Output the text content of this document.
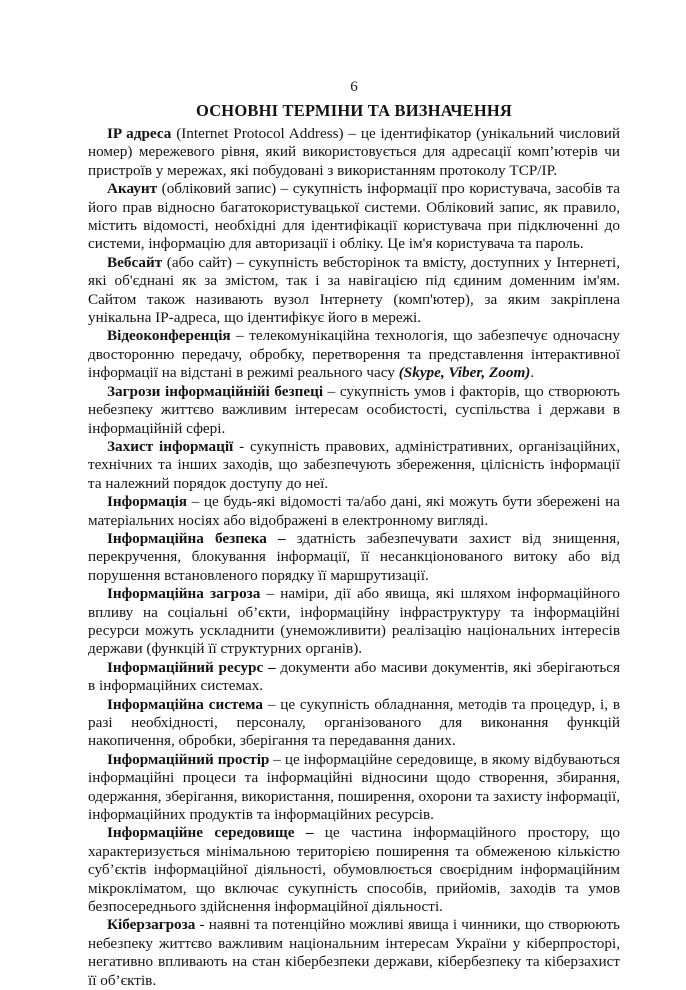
6

ОСНОВНІ ТЕРМІНИ ТА ВИЗНАЧЕННЯ

IP адреса (Internet Protocol Address) – це ідентифікатор (унікальний числовий номер) мережевого рівня, який використовується для адресації комп’ютерів чи пристроїв у мережах, які побудовані з використанням протоколу TCP/IP.

Акаунт (обліковий запис) – сукупність інформації про користувача, засобів та його прав відносно багатокористувацької системи. Обліковий запис, як правило, містить відомості, необхідні для ідентифікації користувача при підключенні до системи, інформацію для авторизації і обліку. Це ім'я користувача та пароль.

Вебсайт (або сайт) – сукупність вебсторінок та вмісту, доступних у Інтернеті, які об'єднані як за змістом, так і за навігацією під єдиним доменним ім'ям. Сайтом також називають вузол Інтернету (комп'ютер), за яким закріплена унікальна IP-адреса, що ідентифікує його в мережі.

Відеоконференція – телекомунікаційна технологія, що забезпечує одночасну двосторонню передачу, обробку, перетворення та представлення інтерактивної інформації на відстані в режимі реального часу (Skype, Viber, Zoom).

Загрози інформаційнійі безпеці – сукупність умов і факторів, що створюють небезпеку життєво важливим інтересам особистості, суспільства і держави в інформаційній сфері.

Захист інформації - сукупність правових, адміністративних, організаційних, технічних та інших заходів, що забезпечують збереження, цілісність інформації та належний порядок доступу до неї.

Інформація – це будь-які відомості та/або дані, які можуть бути збережені на матеріальних носіях або відображені в електронному вигляді.

Інформаційна безпека – здатність забезпечувати захист від знищення, перекручення, блокування інформації, її несанкціонованого витоку або від порушення встановленого порядку її маршрутизації.

Інформаційна загроза – наміри, дії або явища, які шляхом інформаційного впливу на соціальні об’єкти, інформаційну інфраструктуру та інформаційні ресурси можуть ускладнити (унеможливити) реалізацію національних інтересів держави (функцій її структурних органів).

Інформаційний ресурс – документи або масиви документів, які зберігаються в інформаційних системах.

Інформаційна система – це сукупність обладнання, методів та процедур, і, в разі необхідності, персоналу, організованого для виконання функцій накопичення, обробки, зберігання та передавання даних.

Інформаційний простір – це інформаційне середовище, в якому відбуваються інформаційні процеси та інформаційні відносини щодо створення, збирання, одержання, зберігання, використання, поширення, охорони та захисту інформації, інформаційних продуктів та інформаційних ресурсів.

Інформаційне середовище – це частина інформаційного простору, що характеризується мінімальною територією поширення та обмеженою кількістю суб’єктів інформаційної діяльності, обумовлюється своєрідним інформаційним мікрокліматом, що включає сукупність способів, прийомів, заходів та умов безпосереднього здійснення інформаційної діяльності.

Кіберзагроза - наявні та потенційно можливі явища і чинники, що створюють небезпеку життєво важливим національним інтересам України у кіберпросторі, негативно впливають на стан кібербезпеки держави, кібербезпеку та кіберзахист її об’єктів.
